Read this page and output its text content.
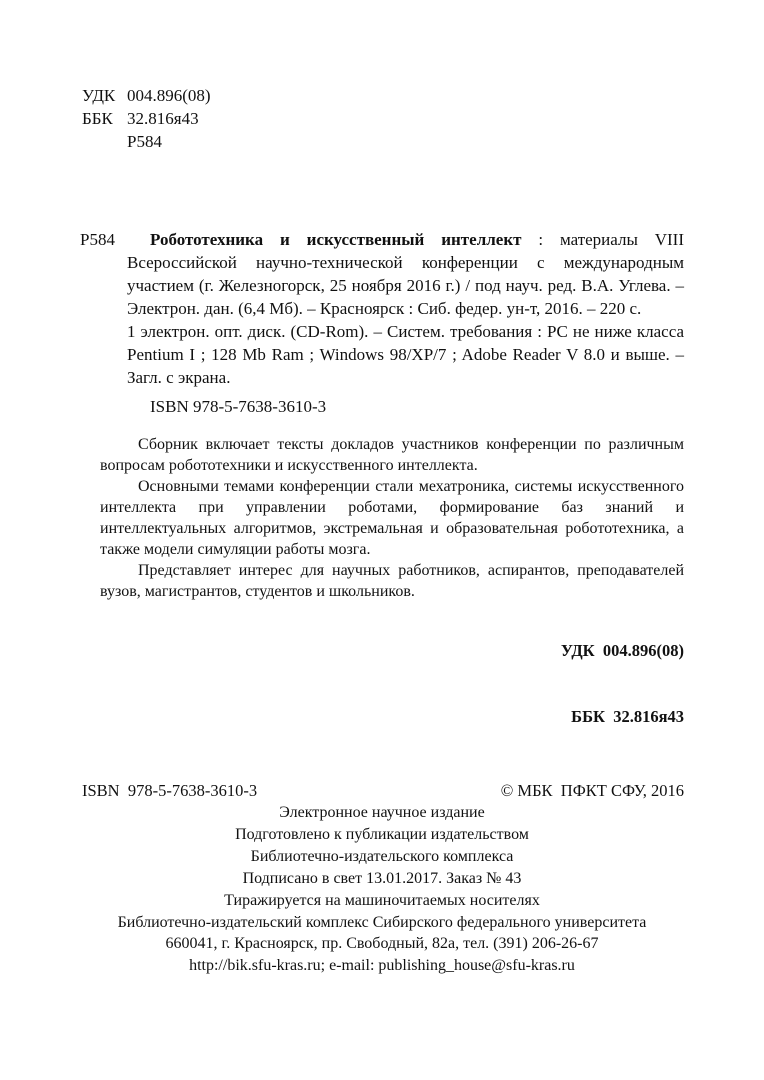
УДК 004.896(08)

ББК 32.816я43

Р584

Р584 Робототехника и искусственный интеллект : материалы VIII Всероссийской научно-технической конференции с международным участием (г. Железногорск, 25 ноября 2016 г.) / под науч. ред. В.А. Углева. – Электрон. дан. (6,4 Мб). – Красноярск : Сиб. федер. ун-т, 2016. – 220 с.

1 электрон. опт. диск. (CD-Rom). – Систем. требования : PC не ниже класса Pentium I ; 128 Mb Ram ; Windows 98/XP/7 ; Adobe Reader V 8.0 и выше. – Загл. с экрана.

ISBN 978-5-7638-3610-3

Сборник включает тексты докладов участников конференции по различным вопросам робототехники и искусственного интеллекта.

Основными темами конференции стали мехатроника, системы искусственного интеллекта при управлении роботами, формирование баз знаний и интеллектуальных алгоритмов, экстремальная и образовательная робототехника, а также модели симуляции работы мозга.

Представляет интерес для научных работников, аспирантов, преподавателей вузов, магистрантов, студентов и школьников.

УДК  004.896(08)

ББК  32.816я43

ISBN  978-5-7638-3610-3	© МБК  ПФКТ СФУ, 2016

Электронное научное издание

Подготовлено к публикации издательством

Библиотечно-издательского комплекса

Подписано в свет 13.01.2017. Заказ № 43

Тиражируется на машиночитаемых носителях

Библиотечно-издательский комплекс Сибирского федерального университета

660041, г. Красноярск, пр. Свободный, 82а, тел. (391) 206-26-67

http://bik.sfu-kras.ru; e-mail: publishing_house@sfu-kras.ru
